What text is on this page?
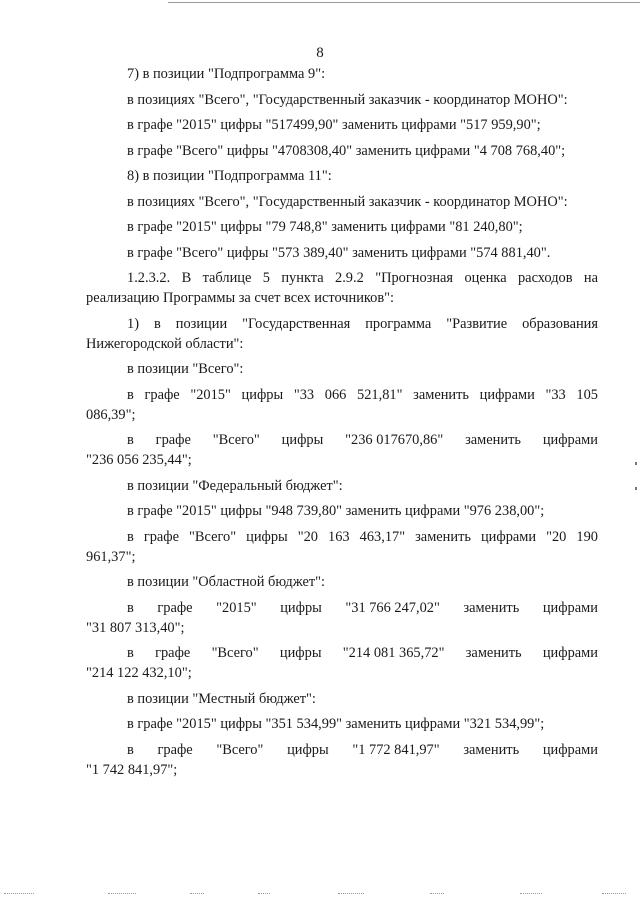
8

7) в позиции "Подпрограмма 9":

в позициях "Всего", "Государственный заказчик - координатор МОНО":

в графе "2015" цифры "517499,90" заменить цифрами "517 959,90";

в графе "Всего" цифры "4708308,40" заменить цифрами "4 708 768,40";

8) в позиции "Подпрограмма 11":

в позициях "Всего", "Государственный заказчик - координатор МОНО":

в графе "2015" цифры "79 748,8" заменить цифрами "81 240,80";

в графе "Всего" цифры "573 389,40" заменить цифрами "574 881,40".

1.2.3.2. В таблице 5 пункта 2.9.2 "Прогнозная оценка расходов на

реализацию Программы за счет всех источников":

1) в позиции "Государственная программа "Развитие образования

Нижегородской области":

в позиции "Всего":

в графе "2015" цифры "33 066 521,81" заменить цифрами "33 105

086,39";

в графе "Всего" цифры "236 017670,86" заменить цифрами

"236 056 235,44";

в позиции "Федеральный бюджет":

в графе "2015" цифры "948 739,80" заменить цифрами "976 238,00";

в графе "Всего" цифры "20 163 463,17" заменить цифрами "20 190

961,37";

в позиции "Областной бюджет":

в графе "2015" цифры "31 766 247,02" заменить цифрами

"31 807 313,40";

в графе "Всего" цифры "214 081 365,72" заменить цифрами

"214 122 432,10";

в позиции "Местный бюджет":

в графе "2015" цифры "351 534,99" заменить цифрами "321 534,99";

в графе "Всего" цифры "1 772 841,97" заменить цифрами

"1 742 841,97";
